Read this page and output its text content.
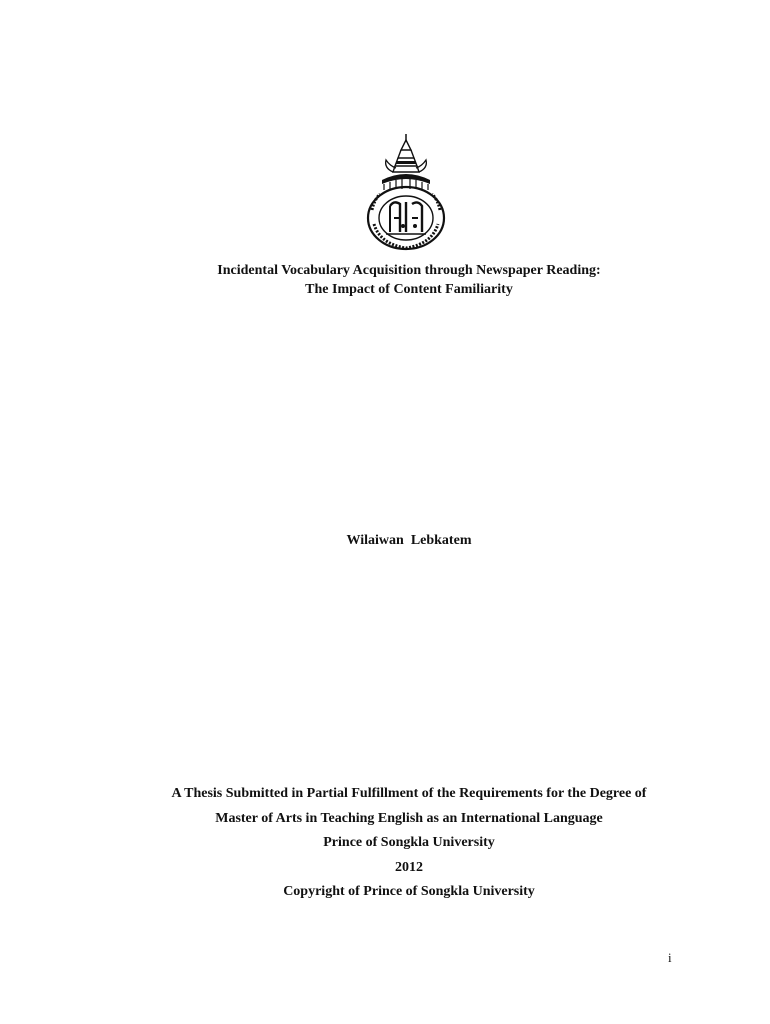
Incidental Vocabulary Acquisition through Newspaper Reading:
The Impact of Content Familiarity
Wilaiwan  Lebkatem
A Thesis Submitted in Partial Fulfillment of the Requirements for the Degree of
Master of Arts in Teaching English as an International Language
Prince of Songkla University
2012
Copyright of Prince of Songkla University
i
